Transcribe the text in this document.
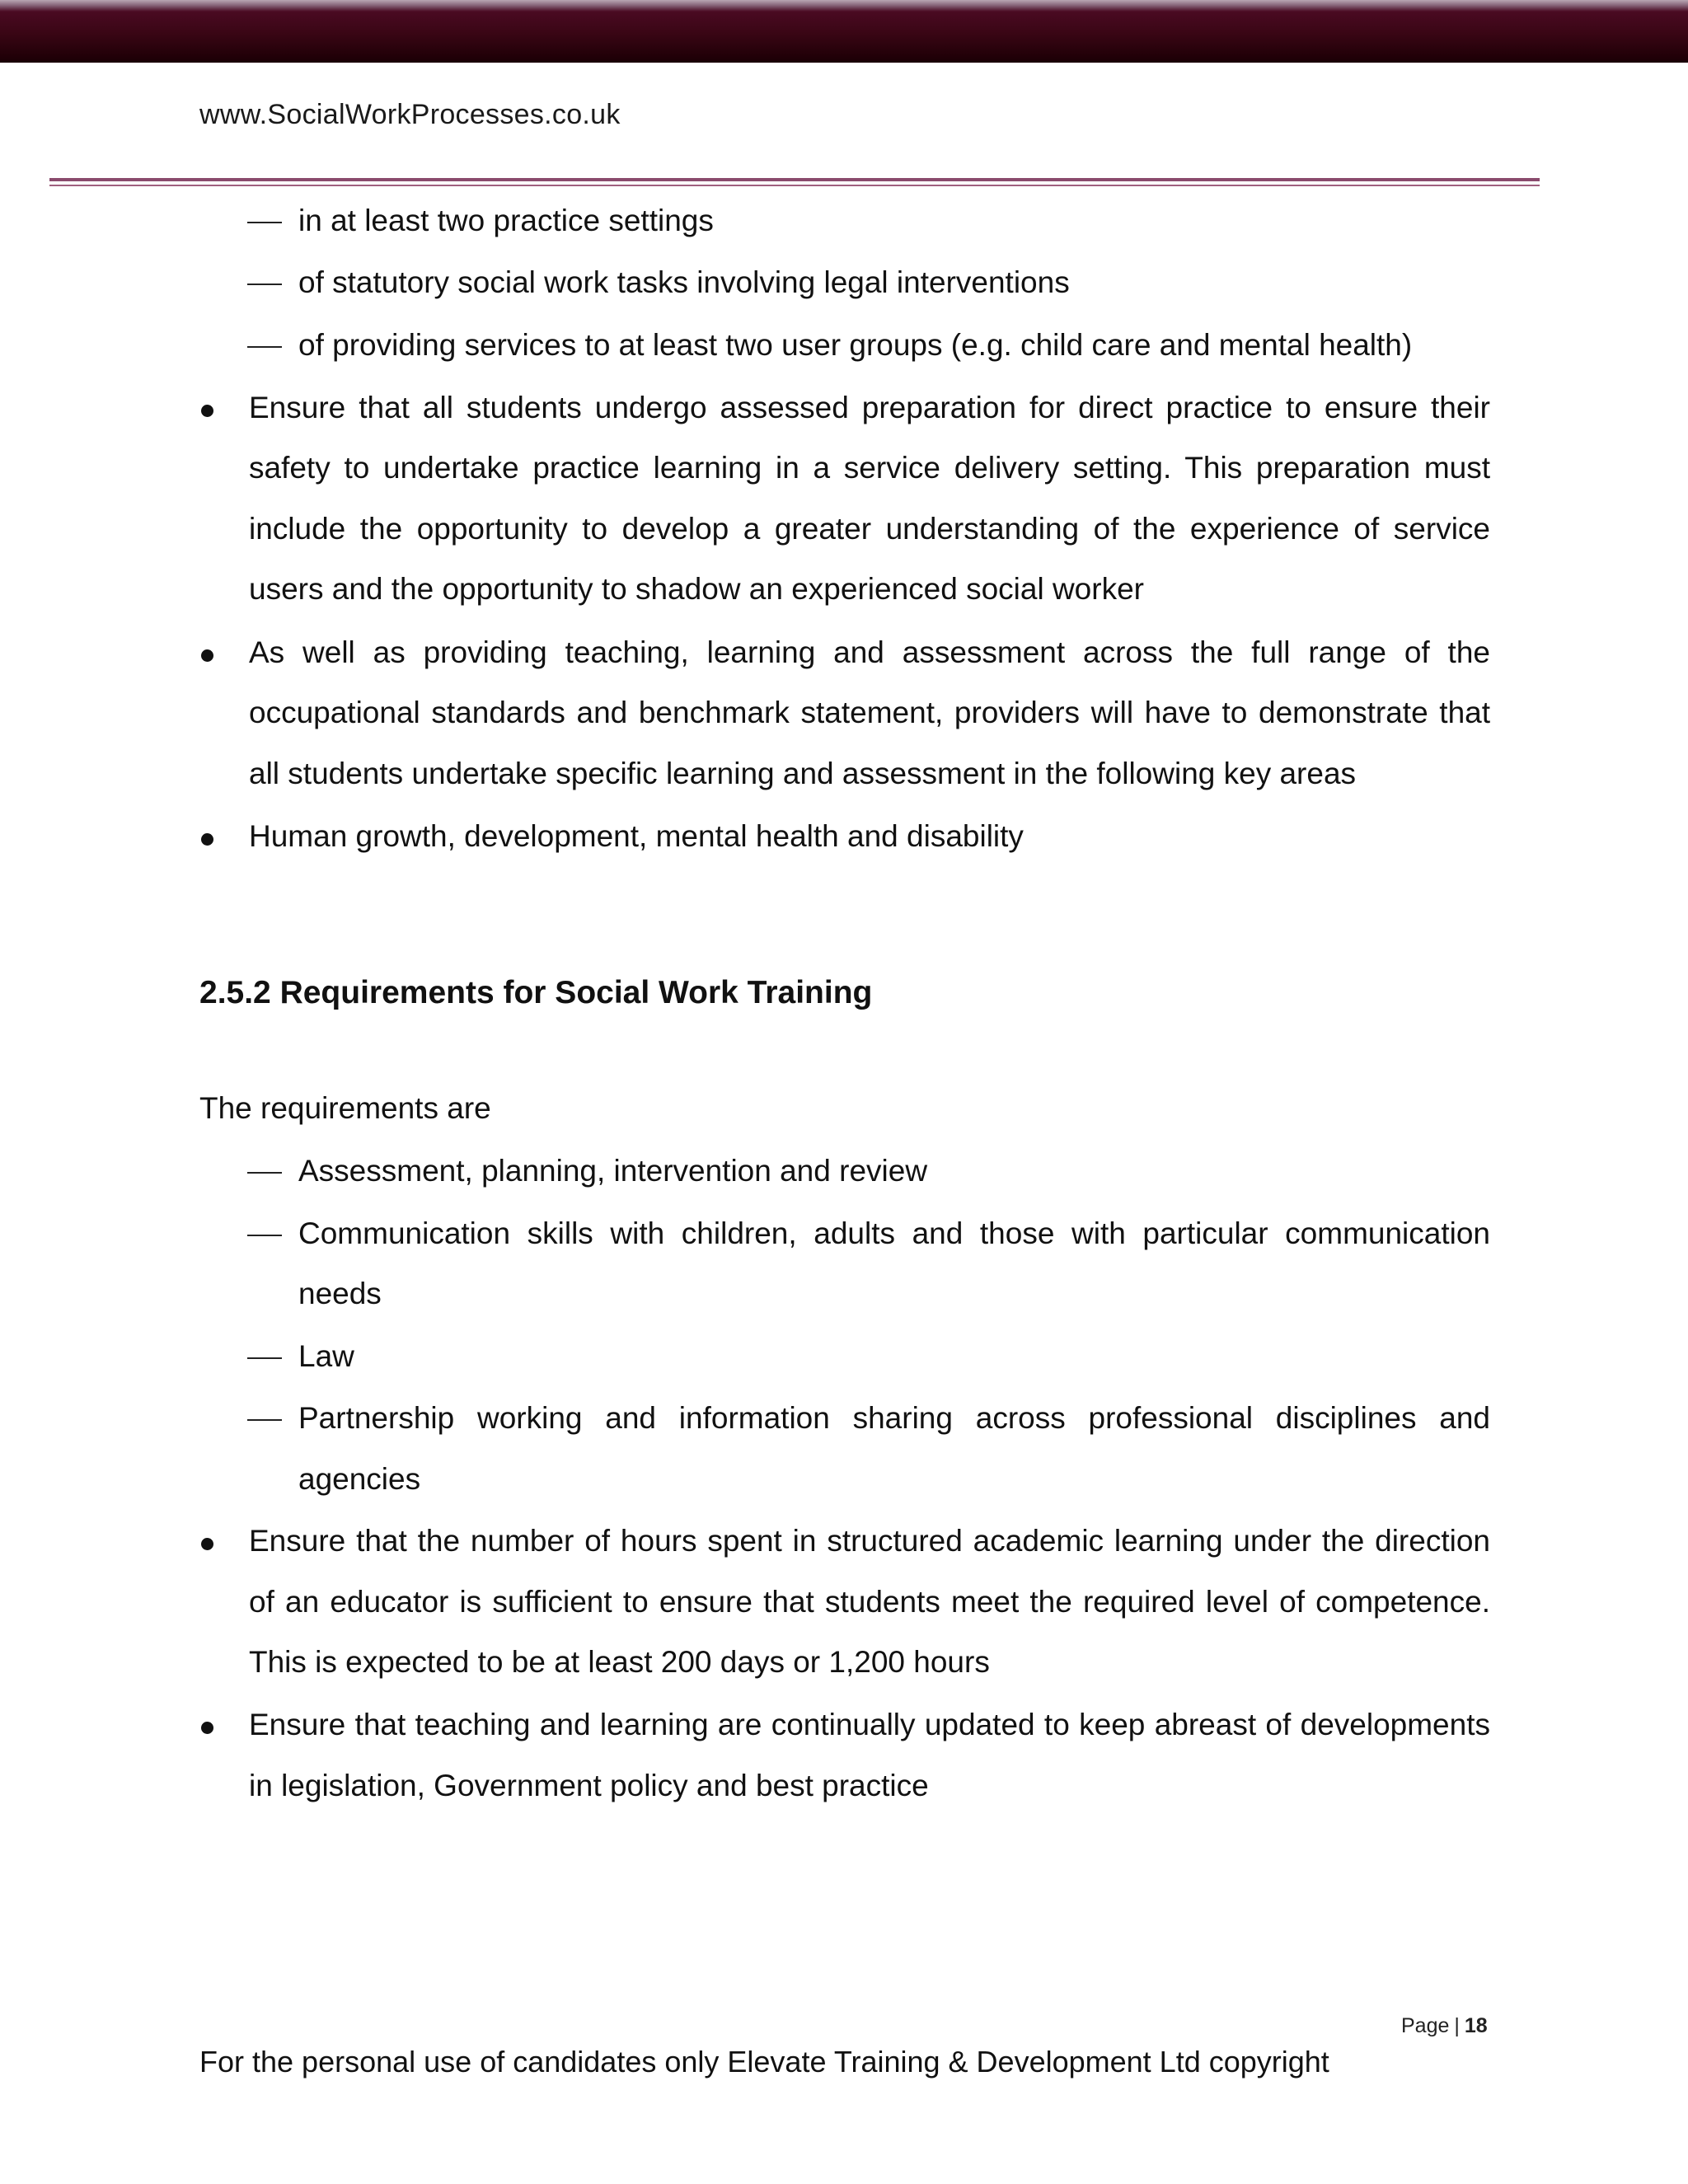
www.SocialWorkProcesses.co.uk
in at least two practice settings
of statutory social work tasks involving legal interventions
of providing services to at least two user groups (e.g. child care and mental health)
Ensure that all students undergo assessed preparation for direct practice to ensure their
safety to undertake practice learning in a service delivery setting. This preparation must
include the opportunity to develop a greater understanding of the experience of service
users and the opportunity to shadow an experienced social worker
As well as providing teaching, learning and assessment across the full range of the
occupational standards and benchmark statement, providers will have to demonstrate that
all students undertake specific learning and assessment in the following key areas
Human growth, development, mental health and disability
2.5.2 Requirements for Social Work Training
The requirements are
Assessment, planning, intervention and review
Communication skills with children, adults and those with particular communication
needs
Law
Partnership working and information sharing across professional disciplines and
agencies
Ensure that the number of hours spent in structured academic learning under the direction
of an educator is sufficient to ensure that students meet the required level of competence.
This is expected to be at least 200 days or 1,200 hours
Ensure that teaching and learning are continually updated to keep abreast of developments
in legislation, Government policy and best practice
Page | 18
For the personal use of candidates only Elevate Training & Development Ltd copyright
